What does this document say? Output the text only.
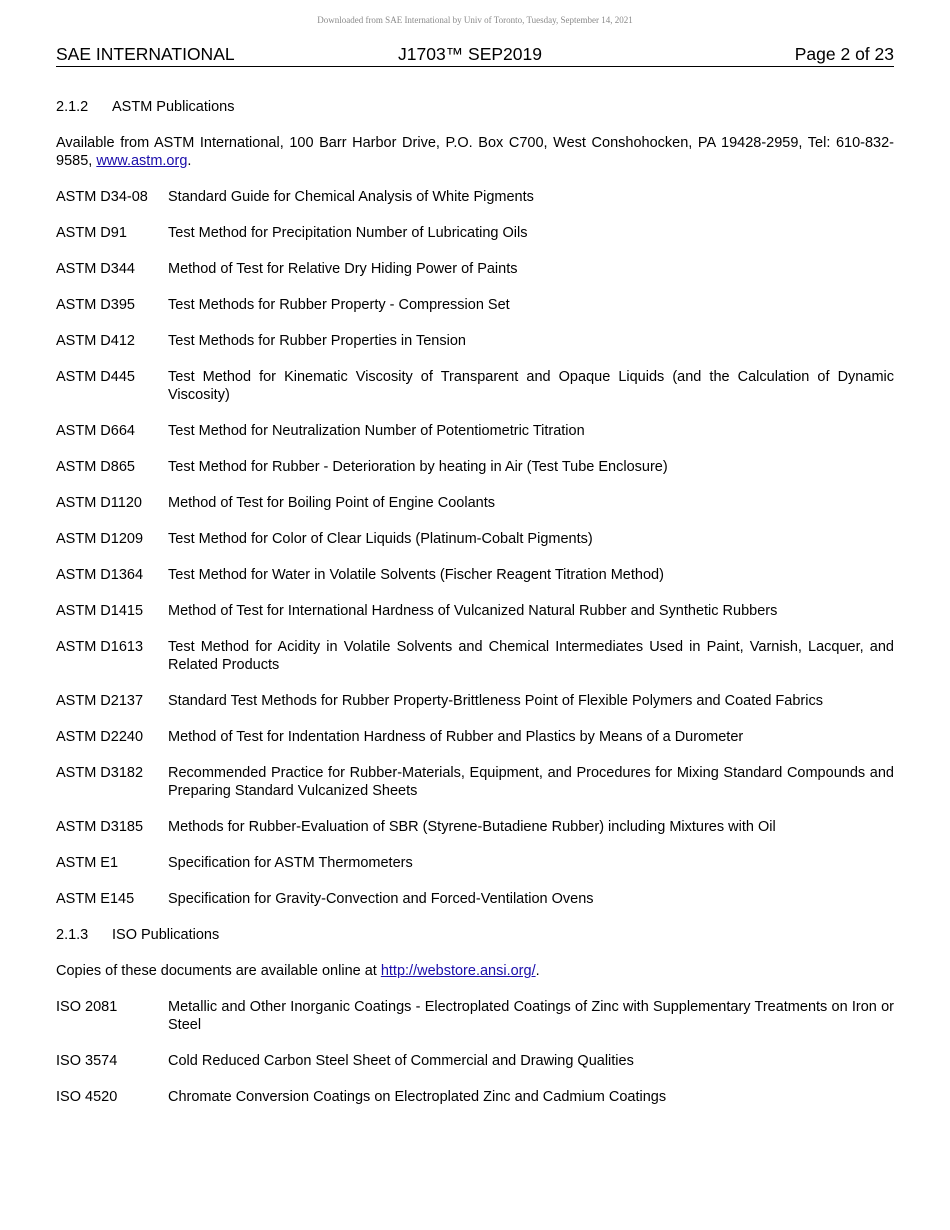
Downloaded from SAE International by Univ of Toronto, Tuesday, September 14, 2021
SAE INTERNATIONAL	J1703™ SEP2019	Page 2 of 23
2.1.2 ASTM Publications

Available from ASTM International, 100 Barr Harbor Drive, P.O. Box C700, West Conshohocken, PA 19428-2959, Tel: 610-832-9585, www.astm.org.

ASTM D34-08	Standard Guide for Chemical Analysis of White Pigments
ASTM D91	Test Method for Precipitation Number of Lubricating Oils
ASTM D344	Method of Test for Relative Dry Hiding Power of Paints
ASTM D395	Test Methods for Rubber Property - Compression Set
ASTM D412	Test Methods for Rubber Properties in Tension
ASTM D445	Test Method for Kinematic Viscosity of Transparent and Opaque Liquids (and the Calculation of Dynamic Viscosity)
ASTM D664	Test Method for Neutralization Number of Potentiometric Titration
ASTM D865	Test Method for Rubber - Deterioration by heating in Air (Test Tube Enclosure)
ASTM D1120	Method of Test for Boiling Point of Engine Coolants
ASTM D1209	Test Method for Color of Clear Liquids (Platinum-Cobalt Pigments)
ASTM D1364	Test Method for Water in Volatile Solvents (Fischer Reagent Titration Method)
ASTM D1415	Method of Test for International Hardness of Vulcanized Natural Rubber and Synthetic Rubbers
ASTM D1613	Test Method for Acidity in Volatile Solvents and Chemical Intermediates Used in Paint, Varnish, Lacquer, and Related Products
ASTM D2137	Standard Test Methods for Rubber Property-Brittleness Point of Flexible Polymers and Coated Fabrics
ASTM D2240	Method of Test for Indentation Hardness of Rubber and Plastics by Means of a Durometer
ASTM D3182	Recommended Practice for Rubber-Materials, Equipment, and Procedures for Mixing Standard Compounds and Preparing Standard Vulcanized Sheets
ASTM D3185	Methods for Rubber-Evaluation of SBR (Styrene-Butadiene Rubber) including Mixtures with Oil
ASTM E1	Specification for ASTM Thermometers
ASTM E145	Specification for Gravity-Convection and Forced-Ventilation Ovens
2.1.3 ISO Publications

Copies of these documents are available online at http://webstore.ansi.org/.

ISO 2081	Metallic and Other Inorganic Coatings - Electroplated Coatings of Zinc with Supplementary Treatments on Iron or Steel
ISO 3574	Cold Reduced Carbon Steel Sheet of Commercial and Drawing Qualities
ISO 4520	Chromate Conversion Coatings on Electroplated Zinc and Cadmium Coatings
